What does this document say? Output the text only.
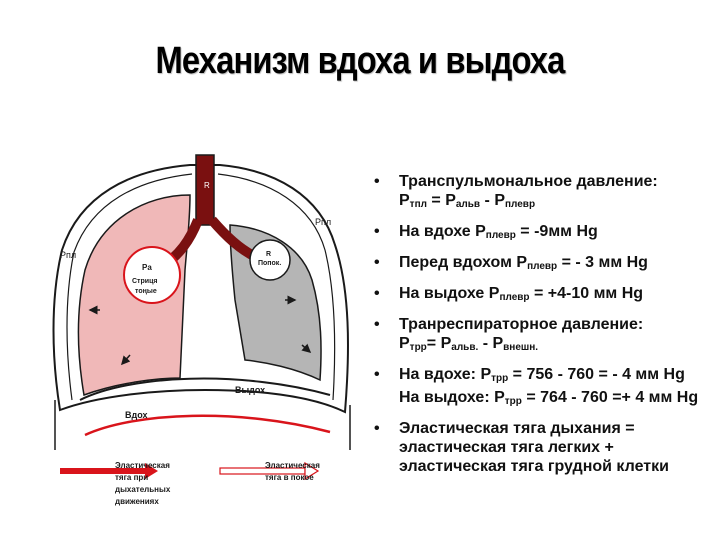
Механизм вдоха и выдоха
Pпл
Pпл
R
Pа
Стриця
тоңые
R
Попок.
Выдох
Вдох
Эластическая
тяга при
дыхательных
движениях
Эластическая
тяга в покое
• Транспульмональное давление:
$P_{тпл} = P_{альв} - P_{плевр}$
• На вдохе $P_{плевр} = -9мм$ Hg
• Перед вдохом $P_{плевр}$ = - 3 мм Hg
• На выдохе $P_{плевр} = +4-10$ мм Hg
• Транреспираторное давление:
$P_{трр}= P_{альв.} - P_{внешн.}$
• На вдохе: $P_{трр} = 756 - 760$ = - 4 мм Hg
На выдохе: $P_{трр} = 764 - 760 =+ 4$ мм Hg
• Эластическая тяга дыхания =
эластическая тяга легких +
эластическая тяга грудной клетки
